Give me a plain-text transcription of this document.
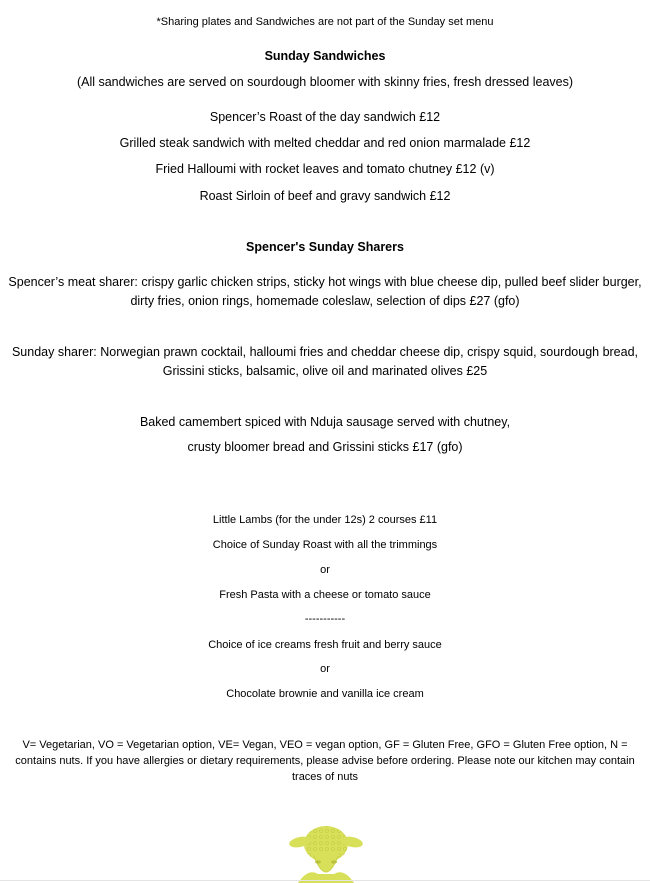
*Sharing plates and Sandwiches are not part of the Sunday set menu
Sunday Sandwiches
(All sandwiches are served on sourdough bloomer with skinny fries, fresh dressed leaves)
Spencer’s Roast of the day sandwich £12
Grilled steak sandwich with melted cheddar and red onion marmalade £12
Fried Halloumi with rocket leaves and tomato chutney £12 (v)
Roast Sirloin of beef and gravy sandwich £12
Spencer's Sunday Sharers
Spencer’s meat sharer: crispy garlic chicken strips, sticky hot wings with blue cheese dip, pulled beef slider burger, dirty fries, onion rings, homemade coleslaw, selection of dips £27 (gfo)
Sunday sharer: Norwegian prawn cocktail, halloumi fries and cheddar cheese dip, crispy squid, sourdough bread, Grissini sticks, balsamic, olive oil and marinated olives £25
Baked camembert spiced with Nduja sausage served with chutney,
crusty bloomer bread and Grissini sticks £17 (gfo)
Little Lambs (for the under 12s) 2 courses £11
Choice of Sunday Roast with all the trimmings
or
Fresh Pasta with a cheese or tomato sauce
-----------
Choice of ice creams fresh fruit and berry sauce
or
Chocolate brownie and vanilla ice cream
V= Vegetarian, VO = Vegetarian option, VE= Vegan, VEO = vegan option, GF = Gluten Free, GFO = Gluten Free option, N = contains nuts. If you have allergies or dietary requirements, please advise before ordering. Please note our kitchen may contain traces of nuts
